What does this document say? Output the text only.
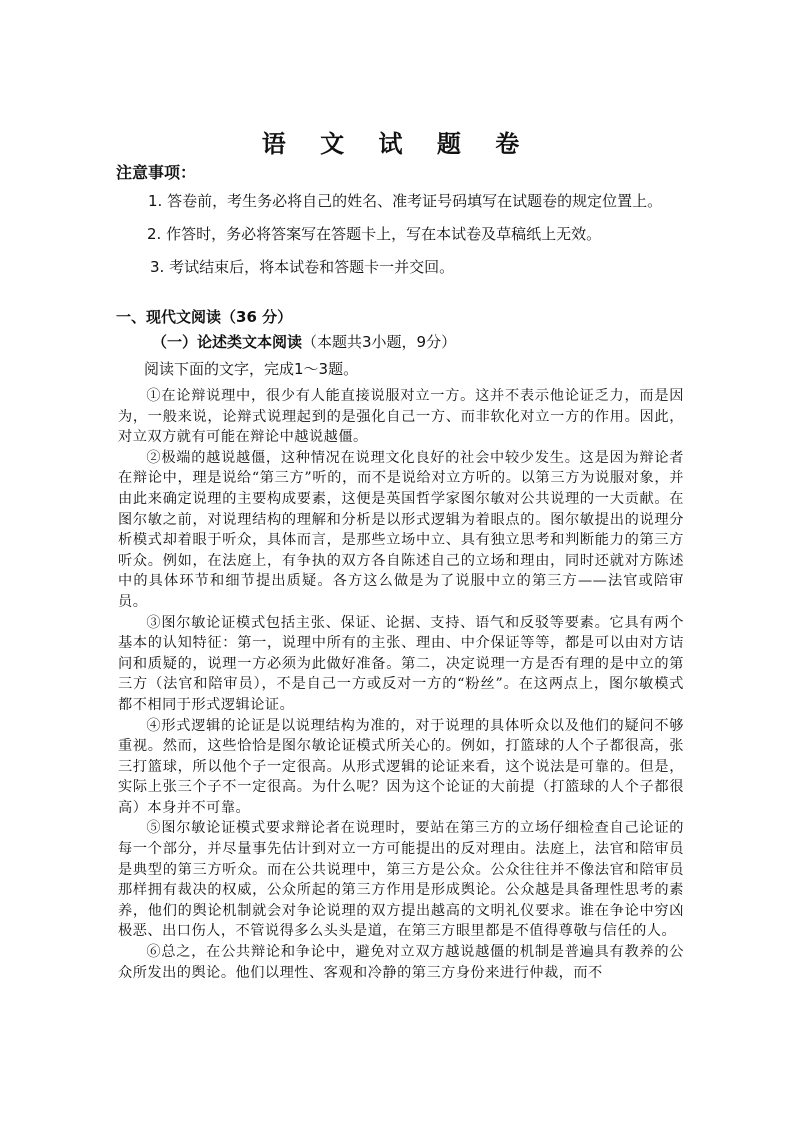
语 文 试 题 卷
注意事项：
1. 答卷前，考生务必将自己的姓名、准考证号码填写在试题卷的规定位置上。
2. 作答时，务必将答案写在答题卡上，写在本试卷及草稿纸上无效。
3. 考试结束后，将本试卷和答题卡一并交回。
一、现代文阅读（36 分）
（一）论述类文本阅读（本题共3小题，9分）
阅读下面的文字，完成1～3题。

①在论辩说理中，很少有人能直接说服对立一方。这并不表示他论证乏力，而是因为，一般来说，论辩式说理起到的是强化自己一方、而非软化对立一方的作用。因此，对立双方就有可能在辩论中越说越僵。

②极端的越说越僵，这种情况在说理文化良好的社会中较少发生。这是因为辩论者在辩论中，理是说给“第三方”听的，而不是说给对立方听的。以第三方为说服对象，并由此来确定说理的主要构成要素，这便是英国哲学家图尔敏对公共说理的一大贡献。在图尔敏之前，对说理结构的理解和分析是以形式逻辑为着眼点的。图尔敏提出的说理分析模式却着眼于听众，具体而言，是那些立场中立、具有独立思考和判断能力的第三方听众。例如，在法庭上，有争执的双方各自陈述自己的立场和理由，同时还就对方陈述中的具体环节和细节提出质疑。各方这么做是为了说服中立的第三方——法官或陪审员。

③图尔敏论证模式包括主张、保证、论据、支持、语气和反驳等要素。它具有两个基本的认知特征：第一，说理中所有的主张、理由、中介保证等等，都是可以由对方诘问和质疑的，说理一方必须为此做好准备。第二，决定说理一方是否有理的是中立的第三方（法官和陪审员），不是自己一方或反对一方的“粉丝”。在这两点上，图尔敏模式都不相同于形式逻辑论证。

④形式逻辑的论证是以说理结构为准的，对于说理的具体听众以及他们的疑问不够重视。然而，这些恰恰是图尔敏论证模式所关心的。例如，打篮球的人个子都很高，张三打篮球，所以他个子一定很高。从形式逻辑的论证来看，这个说法是可靠的。但是，实际上张三个子不一定很高。为什么呢？因为这个论证的大前提（打篮球的人个子都很高）本身并不可靠。

⑤图尔敏论证模式要求辩论者在说理时，要站在第三方的立场仔细检查自己论证的每一个部分，并尽量事先估计到对立一方可能提出的反对理由。法庭上，法官和陪审员是典型的第三方听众。而在公共说理中，第三方是公众。公众往往并不像法官和陪审员那样拥有裁决的权威，公众所起的第三方作用是形成舆论。公众越是具备理性思考的素养，他们的舆论机制就会对争论说理的双方提出越高的文明礼仪要求。谁在争论中穷凶极恶、出口伤人，不管说得多么头头是道，在第三方眼里都是不值得尊敬与信任的人。

⑥总之，在公共辩论和争论中，避免对立双方越说越僵的机制是普遍具有教养的公众所发出的舆论。他们以理性、客观和冷静的第三方身份来进行仲裁，而不
